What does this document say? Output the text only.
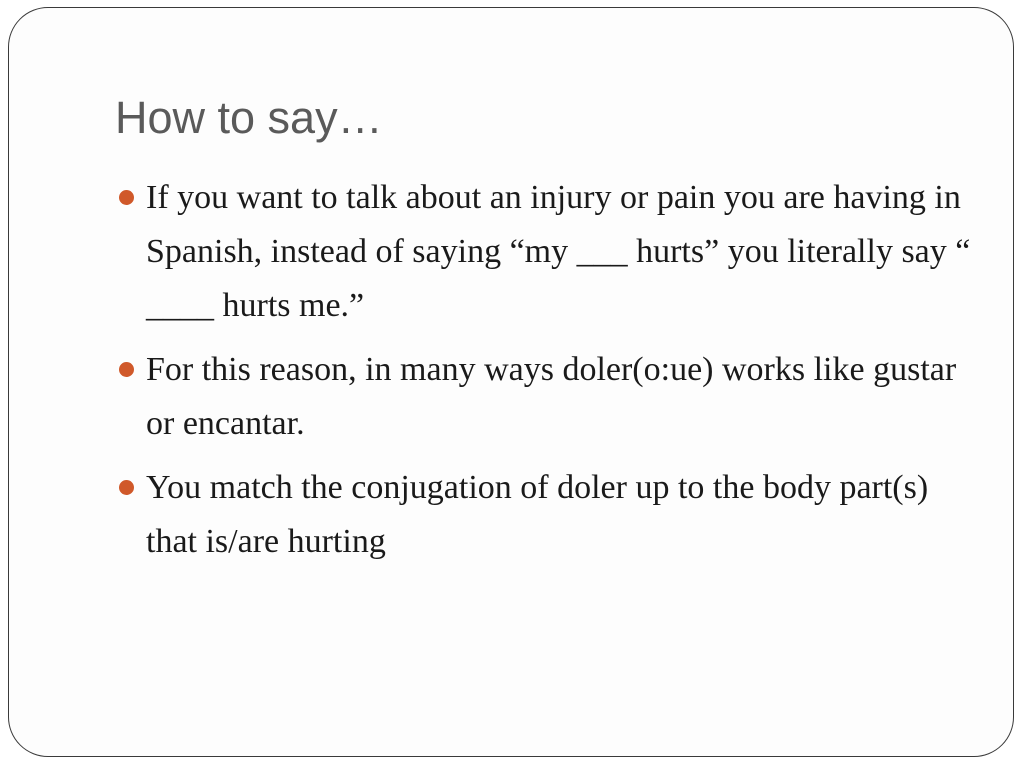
How to say…
If you want to talk about an injury or pain you are having in Spanish, instead of saying “my ___ hurts” you literally say “ ____ hurts me.”
For this reason, in many ways doler(o:ue) works like gustar or encantar.
You match the conjugation of doler up to the body part(s) that is/are hurting
